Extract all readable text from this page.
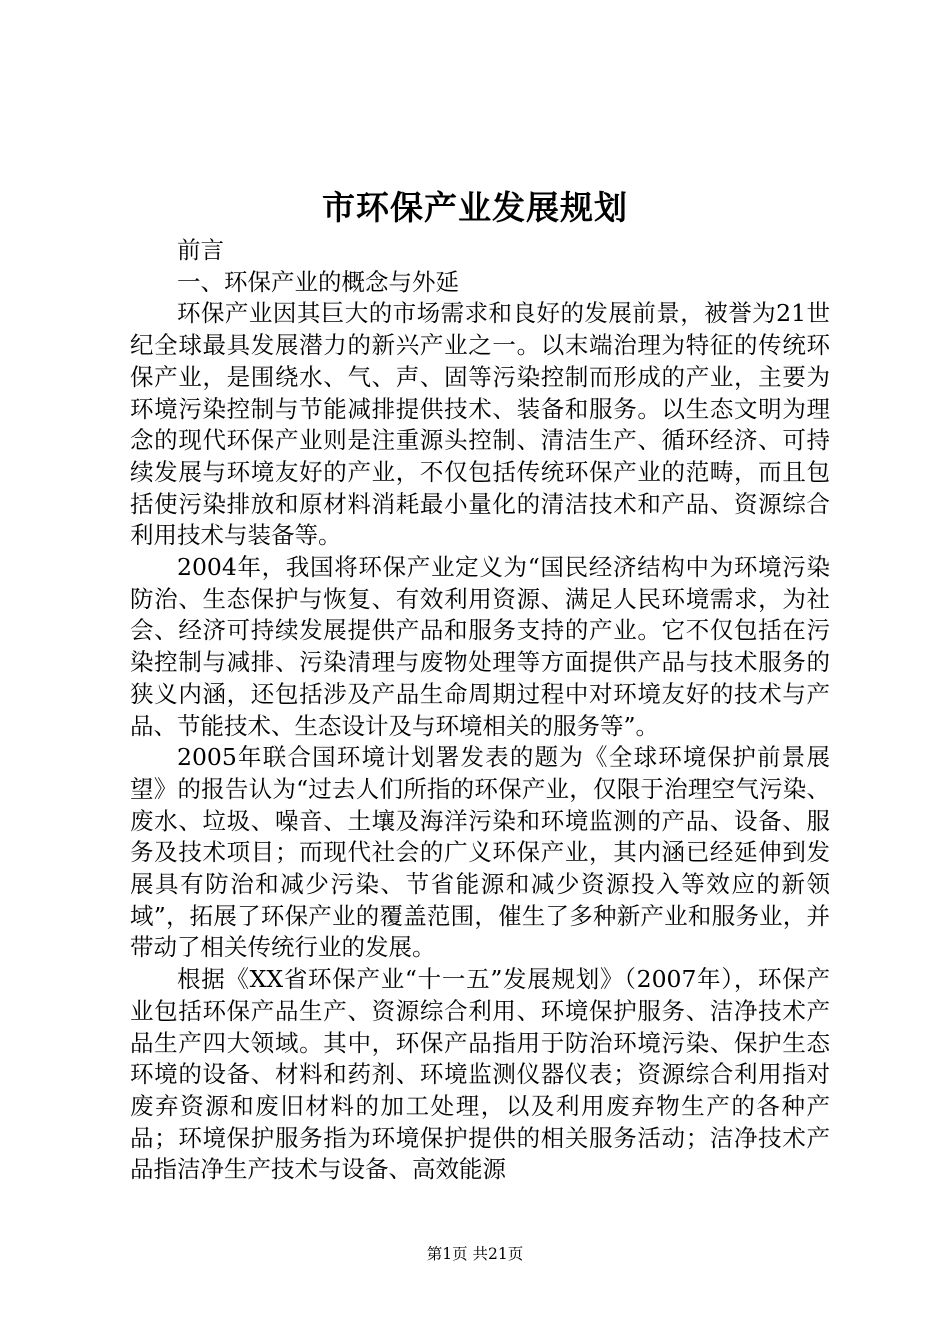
市环保产业发展规划

前言

一、环保产业的概念与外延

环保产业因其巨大的市场需求和良好的发展前景，被誉为21世纪全球最具发展潜力的新兴产业之一。以末端治理为特征的传统环保产业，是围绕水、气、声、固等污染控制而形成的产业，主要为环境污染控制与节能减排提供技术、装备和服务。以生态文明为理念的现代环保产业则是注重源头控制、清洁生产、循环经济、可持续发展与环境友好的产业，不仅包括传统环保产业的范畴，而且包括使污染排放和原材料消耗最小量化的清洁技术和产品、资源综合利用技术与装备等。

2004年，我国将环保产业定义为“国民经济结构中为环境污染防治、生态保护与恢复、有效利用资源、满足人民环境需求，为社会、经济可持续发展提供产品和服务支持的产业。它不仅包括在污染控制与减排、污染清理与废物处理等方面提供产品与技术服务的狭义内涵，还包括涉及产品生命周期过程中对环境友好的技术与产品、节能技术、生态设计及与环境相关的服务等”。

2005年联合国环境计划署发表的题为《全球环境保护前景展望》的报告认为“过去人们所指的环保产业，仅限于治理空气污染、废水、垃圾、噪音、土壤及海洋污染和环境监测的产品、设备、服务及技术项目；而现代社会的广义环保产业，其内涵已经延伸到发展具有防治和减少污染、节省能源和减少资源投入等效应的新领域”，拓展了环保产业的覆盖范围，催生了多种新产业和服务业，并带动了相关传统行业的发展。

根据《XX省环保产业“十一五”发展规划》（2007年），环保产业包括环保产品生产、资源综合利用、环境保护服务、洁净技术产品生产四大领域。其中，环保产品指用于防治环境污染、保护生态环境的设备、材料和药剂、环境监测仪器仪表；资源综合利用指对废弃资源和废旧材料的加工处理，以及利用废弃物生产的各种产品；环境保护服务指为环境保护提供的相关服务活动；洁净技术产品指洁净生产技术与设备、高效能源

第1页 共21页
